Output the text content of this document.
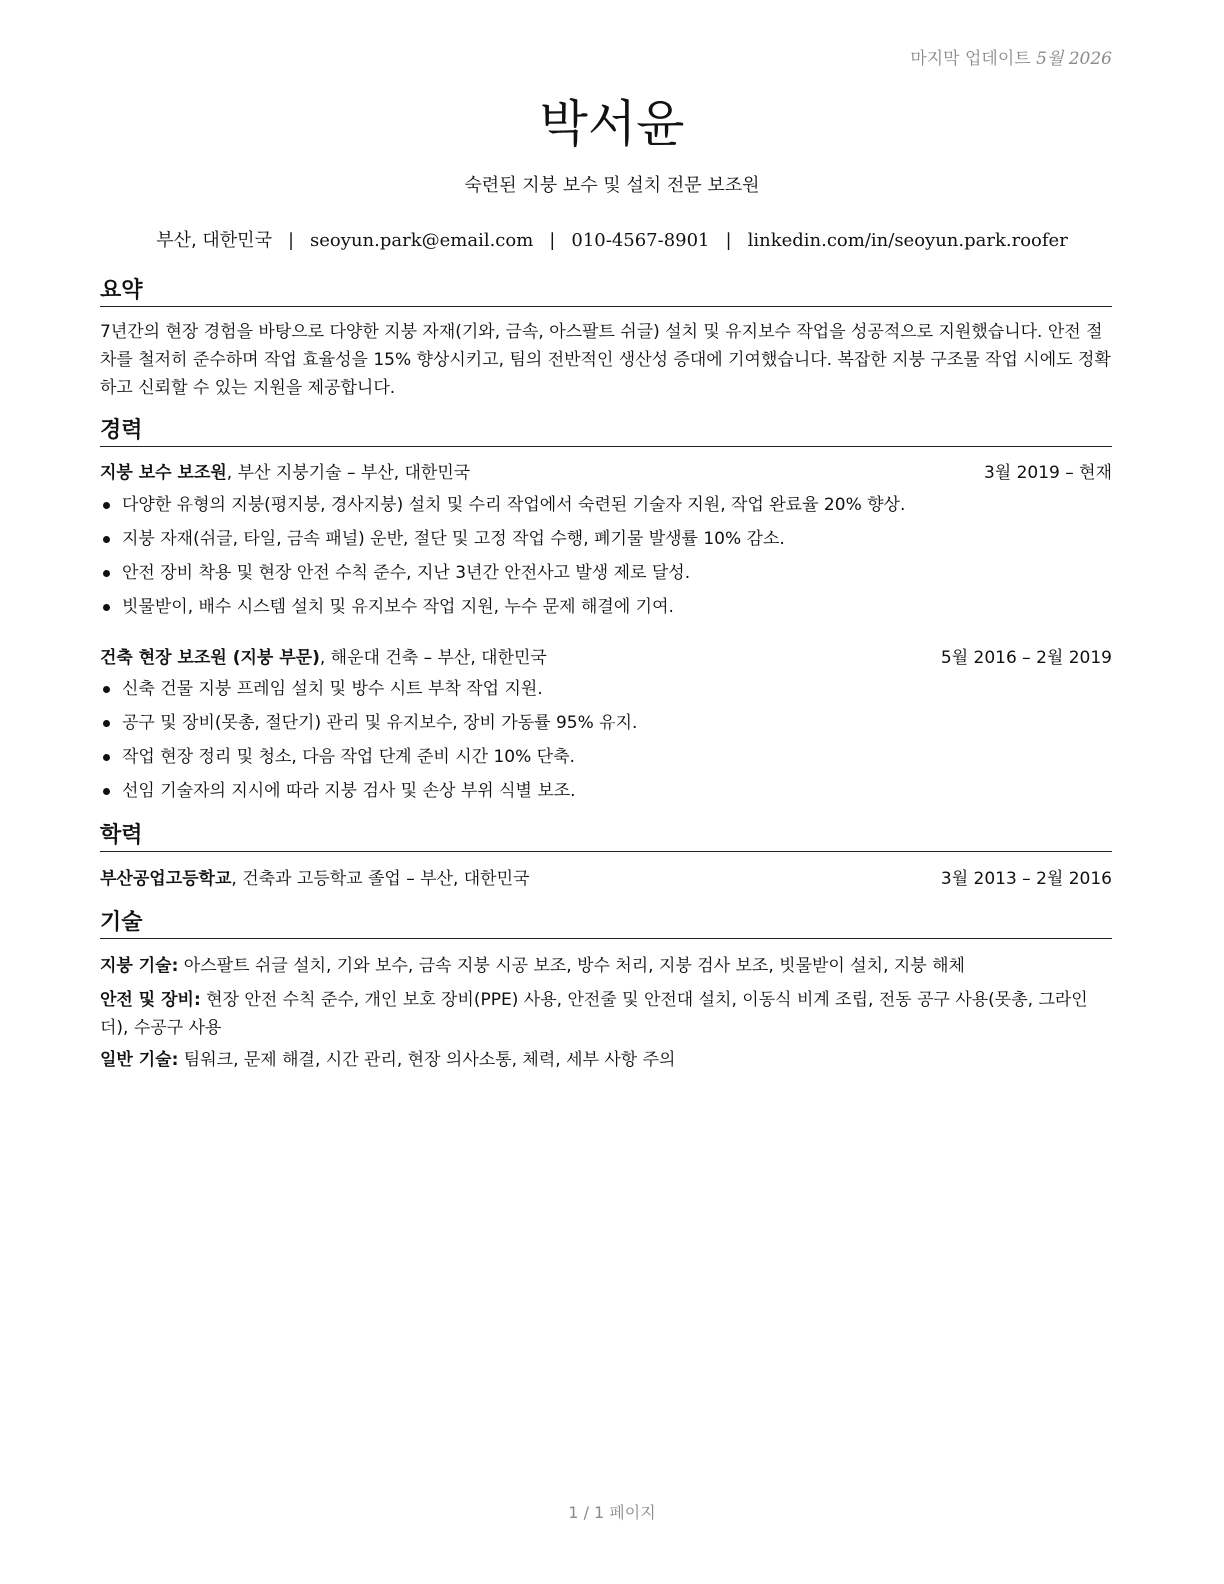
마지막 업데이트 5월 2026
박서윤
숙련된 지붕 보수 및 설치 전문 보조원
부산, 대한민국 | seoyun.park@email.com | 010-4567-8901 | linkedin.com/in/seoyun.park.roofer
요약
7년간의 현장 경험을 바탕으로 다양한 지붕 자재(기와, 금속, 아스팔트 쉬글) 설치 및 유지보수 작업을 성공적으로 지원했습니다. 안전 절차를 철저히 준수하며 작업 효율성을 15% 향상시키고, 팀의 전반적인 생산성 증대에 기여했습니다. 복잡한 지붕 구조물 작업 시에도 정확하고 신뢰할 수 있는 지원을 제공합니다.
경력
지붕 보수 보조원, 부산 지붕기술 – 부산, 대한민국	3월 2019 – 현재
다양한 유형의 지붕(평지붕, 경사지붕) 설치 및 수리 작업에서 숙련된 기술자 지원, 작업 완료율 20% 향상.
지붕 자재(쉬글, 타일, 금속 패널) 운반, 절단 및 고정 작업 수행, 폐기물 발생률 10% 감소.
안전 장비 착용 및 현장 안전 수칙 준수, 지난 3년간 안전사고 발생 제로 달성.
빗물받이, 배수 시스템 설치 및 유지보수 작업 지원, 누수 문제 해결에 기여.
건축 현장 보조원 (지붕 부문), 해운대 건축 – 부산, 대한민국	5월 2016 – 2월 2019
신축 건물 지붕 프레임 설치 및 방수 시트 부착 작업 지원.
공구 및 장비(못총, 절단기) 관리 및 유지보수, 장비 가동률 95% 유지.
작업 현장 정리 및 청소, 다음 작업 단계 준비 시간 10% 단축.
선임 기술자의 지시에 따라 지붕 검사 및 손상 부위 식별 보조.
학력
부산공업고등학교, 건축과 고등학교 졸업 – 부산, 대한민국	3월 2013 – 2월 2016
기술
지붕 기술: 아스팔트 쉬글 설치, 기와 보수, 금속 지붕 시공 보조, 방수 처리, 지붕 검사 보조, 빗물받이 설치, 지붕 해체
안전 및 장비: 현장 안전 수칙 준수, 개인 보호 장비(PPE) 사용, 안전줄 및 안전대 설치, 이동식 비계 조립, 전동 공구 사용(못총, 그라인더), 수공구 사용
일반 기술: 팀워크, 문제 해결, 시간 관리, 현장 의사소통, 체력, 세부 사항 주의
1 / 1 페이지
